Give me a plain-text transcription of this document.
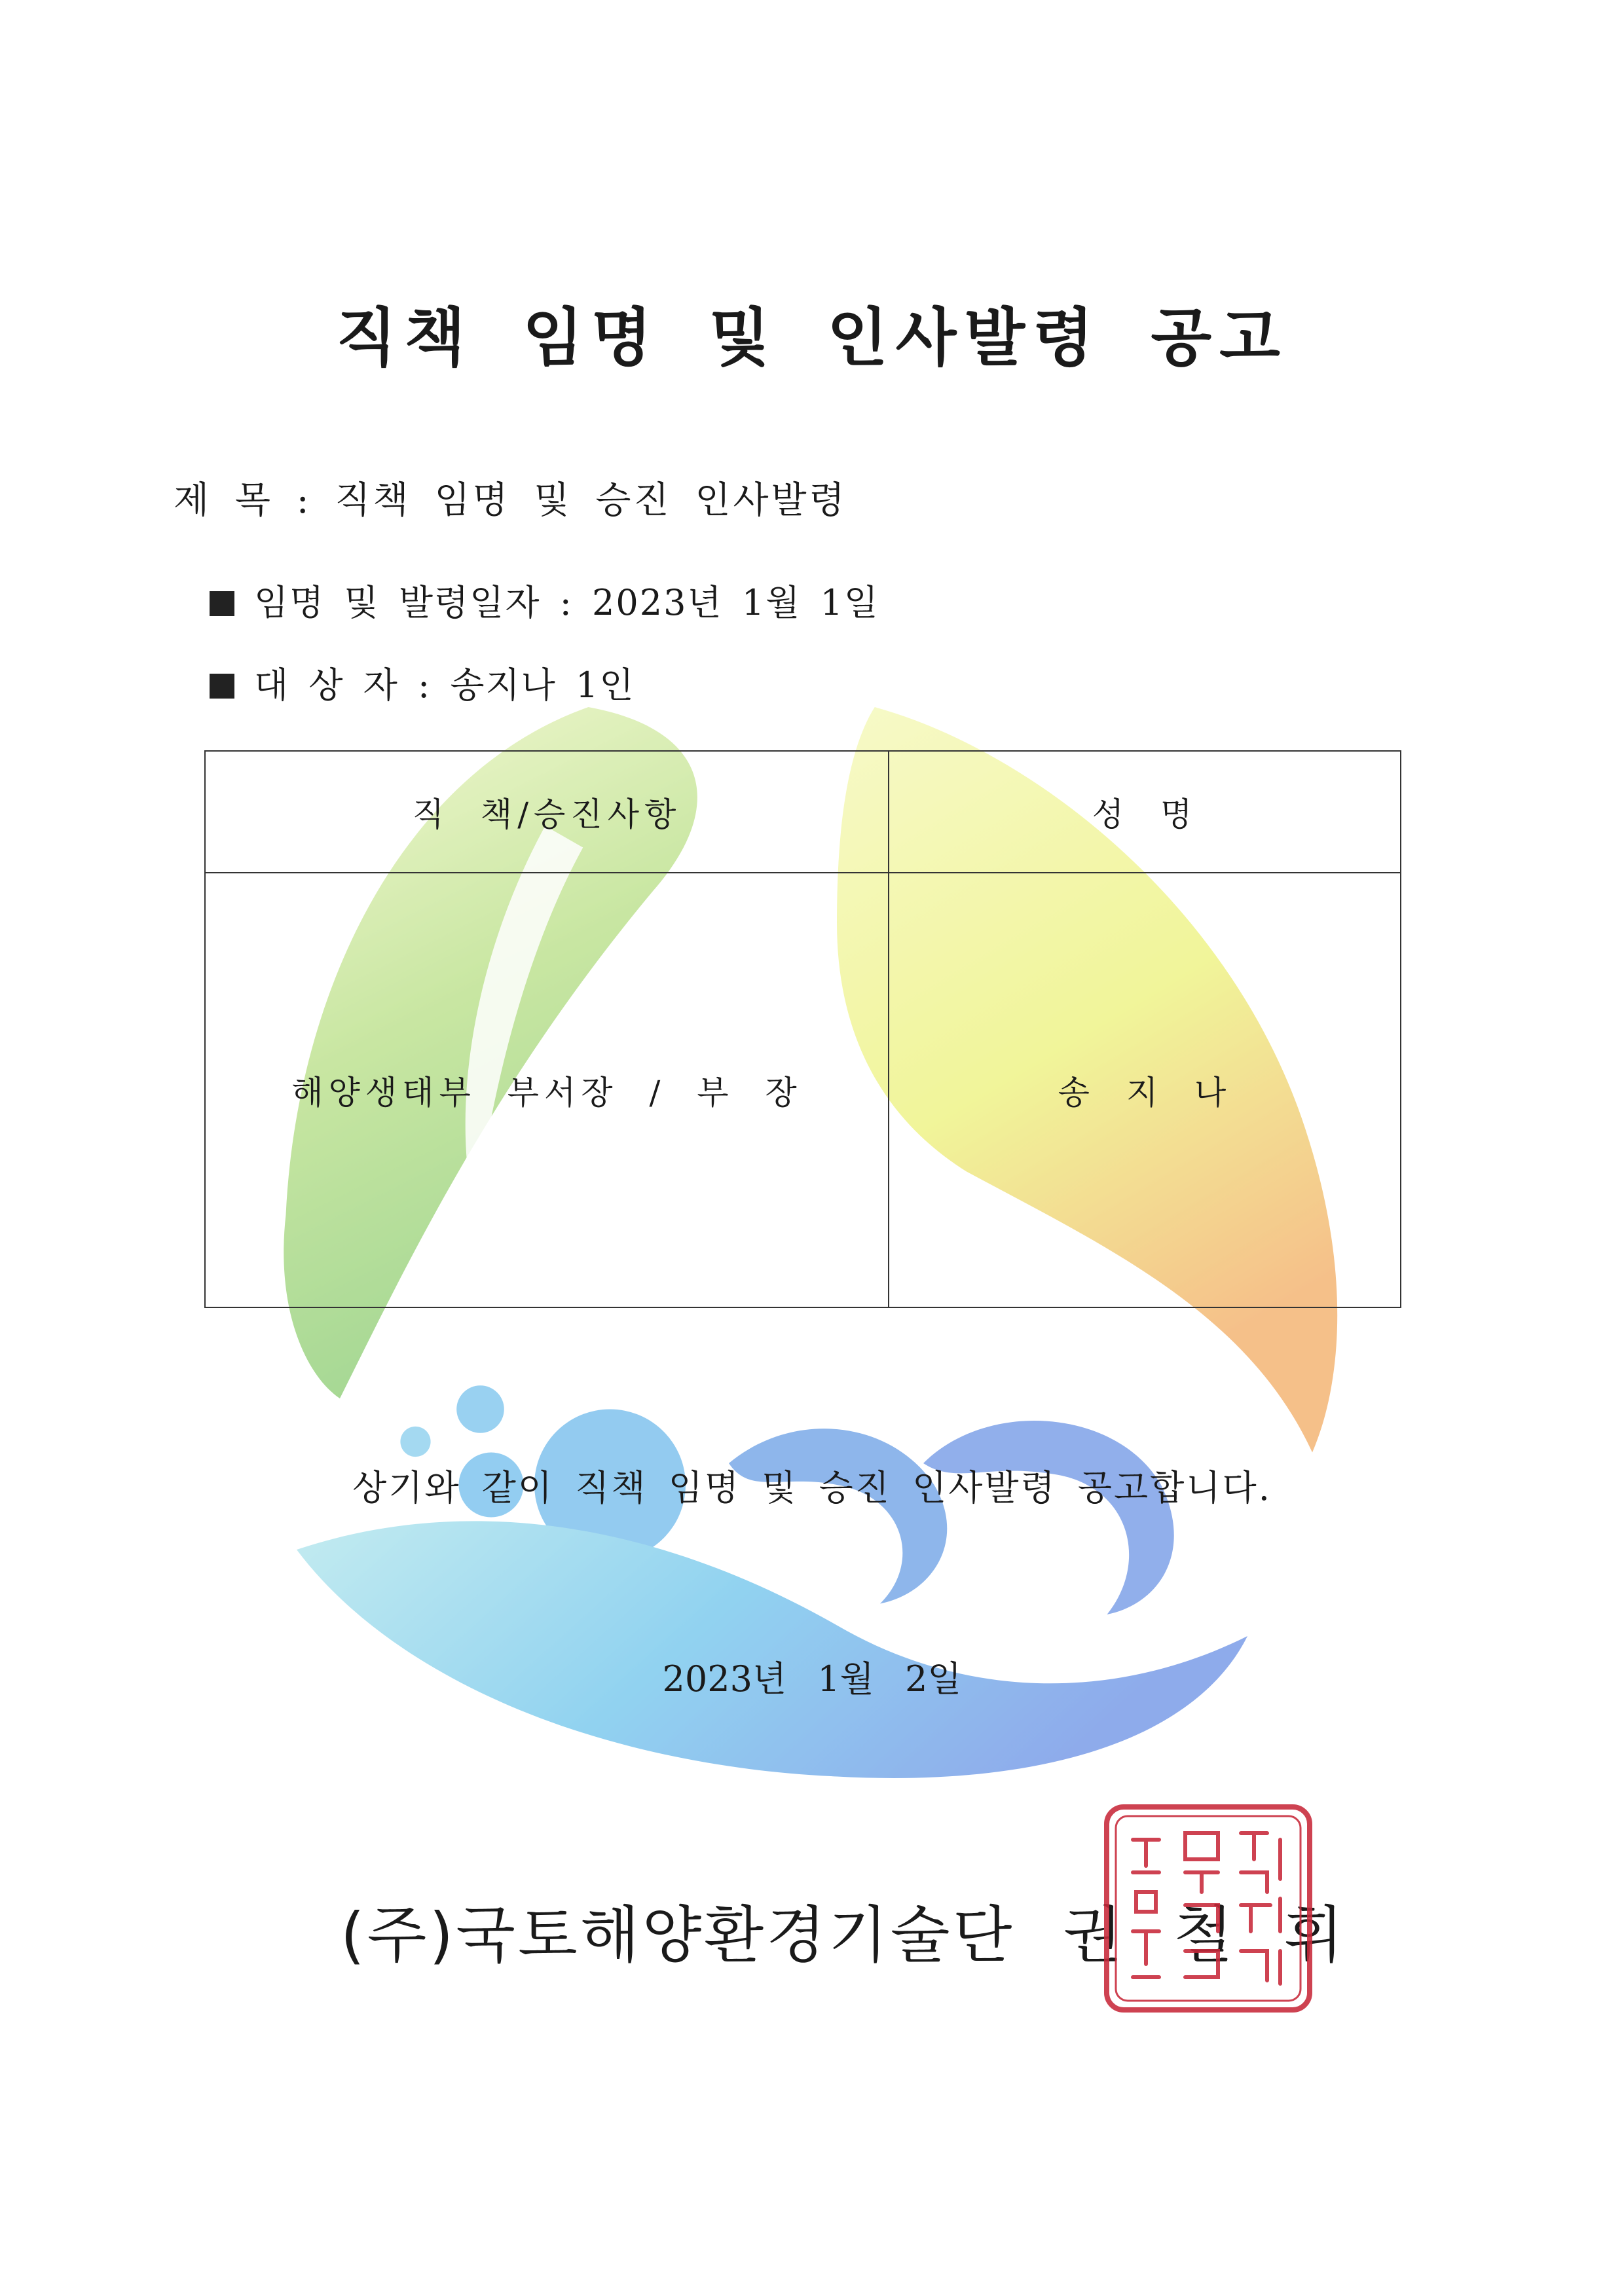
직책 임명 및 인사발령 공고
제 목 : 직책 임명 및 승진 인사발령
임명 및 발령일자 : 2023년 1월 1일
대 상 자 : 송지나 1인
직 책/승진사항	성 명
해양생태부 부서장 / 부 장	송 지 나
상기와 같이 직책 임명 및 승진 인사발령 공고합니다.
2023년 1월 2일
(주)국토해양환경기술단 권 철 휘
